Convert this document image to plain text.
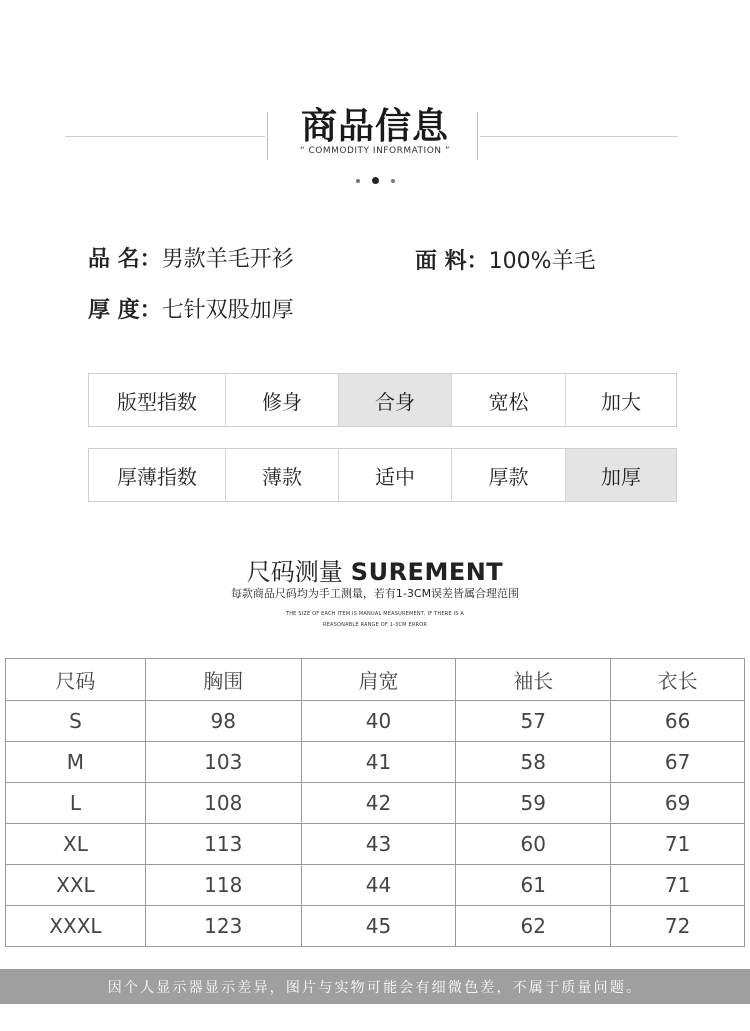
商品信息
“ COMMODITY INFORMATION ”
品 名：男款羊毛开衫	面 料：100%羊毛
厚 度：七针双股加厚
版型指数	修身	合身	宽松	加大
厚薄指数	薄款	适中	厚款	加厚
尺码测量 SUREMENT
每款商品尺码均为手工测量，若有1-3CM误差皆属合理范围
THE SIZE OF EACH ITEM IS MANUAL MEASUREMENT, IF THERE IS A
REASONABLE RANGE OF 1-3CM ERROR
尺码	胸围	肩宽	袖长	衣长
S	98	40	57	66
M	103	41	58	67
L	108	42	59	69
XL	113	43	60	71
XXL	118	44	61	71
XXXL	123	45	62	72
因个人显示器显示差异，图片与实物可能会有细微色差，不属于质量问题。
